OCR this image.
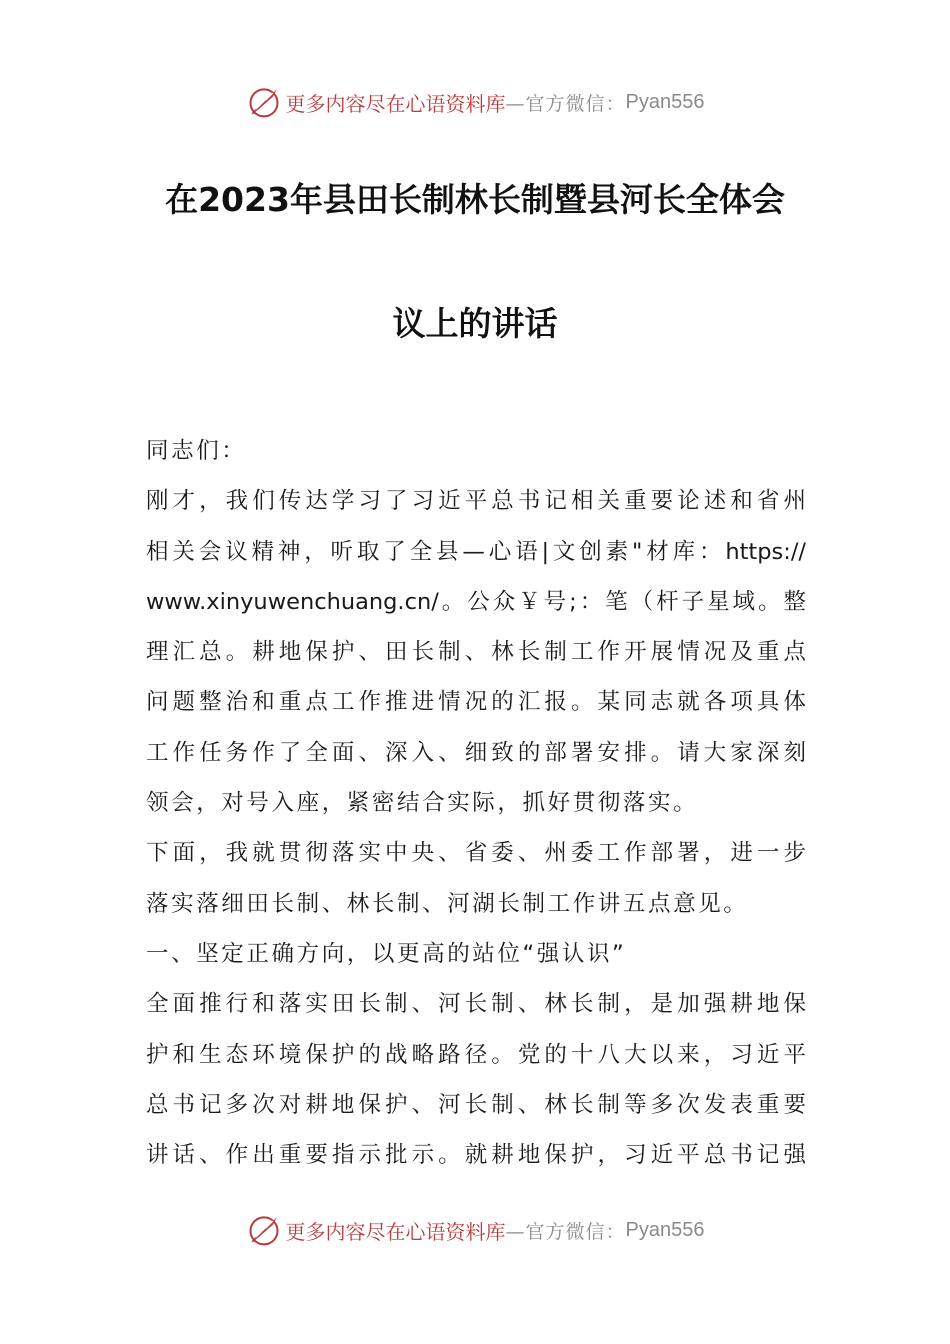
更多内容尽在心语资料库 —官方微信： Pyan556
在2023年县田长制林长制暨县河长全体会
议上的讲话
同志们：
刚才，我们传达学习了习近平总书记相关重要论述和省州
相关会议精神，听取了全县—心语|文创素"材库：https://
www.xinyuwenchuang.cn/。公众￥号;：笔（杆子星域。整
理汇总。耕地保护、田长制、林长制工作开展情况及重点
问题整治和重点工作推进情况的汇报。某同志就各项具体
工作任务作了全面、深入、细致的部署安排。请大家深刻
领会，对号入座，紧密结合实际，抓好贯彻落实。
下面，我就贯彻落实中央、省委、州委工作部署，进一步
落实落细田长制、林长制、河湖长制工作讲五点意见。
一、坚定正确方向，以更高的站位“强认识”
全面推行和落实田长制、河长制、林长制，是加强耕地保
护和生态环境保护的战略路径。党的十八大以来，习近平
总书记多次对耕地保护、河长制、林长制等多次发表重要
讲话、作出重要指示批示。就耕地保护，习近平总书记强
更多内容尽在心语资料库 —官方微信： Pyan556
